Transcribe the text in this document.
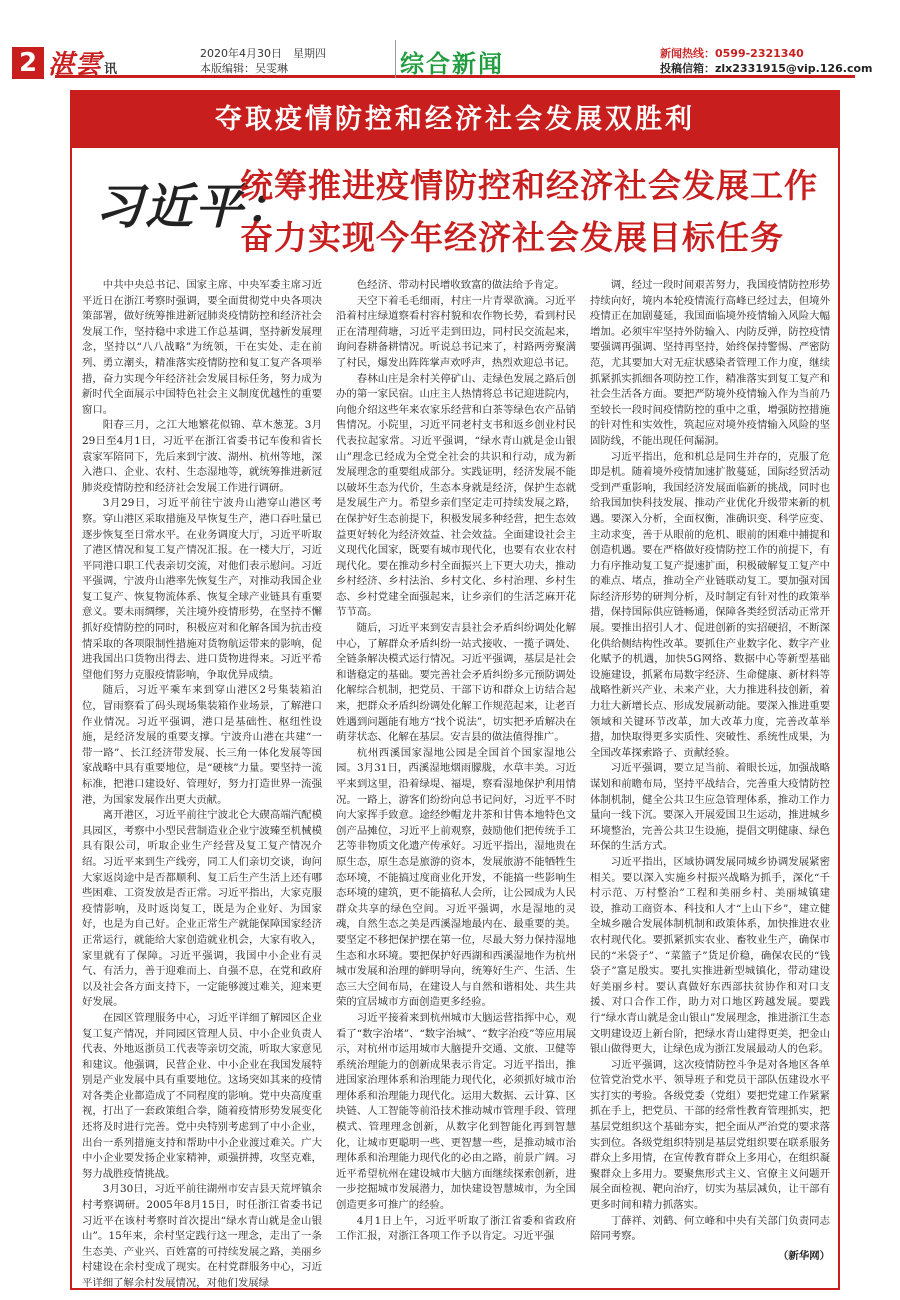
2 湛雲 讯
2020年4月30日　星期四
本版编辑：吴雯琳	综合新闻	新闻热线：0599-2321340
投稿信箱：zlx2331915@vip.126.com
夺取疫情防控和经济社会发展双胜利
习近平：
统筹推进疫情防控和经济社会发展工作
奋力实现今年经济社会发展目标任务

中共中央总书记、国家主席、中央军委主席习近平近日在浙江考察时强调，要全面贯彻党中央各项决策部署，做好统筹推进新冠肺炎疫情防控和经济社会发展工作，坚持稳中求进工作总基调，坚持新发展理念，坚持以“八八战略”为统领，干在实处、走在前列、勇立潮头，精准落实疫情防控和复工复产各项举措，奋力实现今年经济社会发展目标任务，努力成为新时代全面展示中国特色社会主义制度优越性的重要窗口。

阳春三月，之江大地繁花似锦、草木葱茏。3月29日至4月1日，习近平在浙江省委书记车俊和省长袁家军陪同下，先后来到宁波、湖州、杭州等地，深入港口、企业、农村、生态湿地等，就统筹推进新冠肺炎疫情防控和经济社会发展工作进行调研。

3月29日，习近平前往宁波舟山港穿山港区考察。穿山港区采取措施及早恢复生产，港口吞吐量已逐步恢复至日常水平。在业务调度大厅，习近平听取了港区情况和复工复产情况汇报。在一楼大厅，习近平同港口职工代表亲切交流，对他们表示慰问。习近平强调，宁波舟山港率先恢复生产，对推动我国企业复工复产、恢复物流体系、恢复全球产业链具有重要意义。要未雨绸缪，关注境外疫情形势，在坚持不懈抓好疫情防控的同时，积极应对和化解各国为抗击疫情采取的各项限制性措施对货物航运带来的影响，促进我国出口货物出得去、进口货物进得来。习近平希望他们努力克服疫情影响，争取优异成绩。

随后，习近平乘车来到穿山港区2号集装箱泊位，冒雨察看了码头现场集装箱作业场景，了解港口作业情况。习近平强调，港口是基础性、枢纽性设施，是经济发展的重要支撑。宁波舟山港在共建“一带一路”、长江经济带发展、长三角一体化发展等国家战略中具有重要地位，是“硬核”力量。要坚持一流标准，把港口建设好、管理好，努力打造世界一流强港，为国家发展作出更大贡献。

离开港区，习近平前往宁波北仑大碶高端汽配模具园区，考察中小型民营制造业企业宁波臻至机械模具有限公司，听取企业生产经营及复工复产情况介绍。习近平来到生产线旁，同工人们亲切交谈，询问大家返岗途中是否都顺利、复工后生产生活上还有哪些困难、工资发放是否正常。习近平指出，大家克服疫情影响，及时返岗复工，既是为企业好、为国家好，也是为自己好。企业正常生产就能保障国家经济正常运行，就能给大家创造就业机会，大家有收入，家里就有了保障。习近平强调，我国中小企业有灵气、有活力，善于迎难而上、自强不息，在党和政府以及社会各方面支持下，一定能够渡过难关，迎来更好发展。

在园区管理服务中心，习近平详细了解园区企业复工复产情况，并同园区管理人员、中小企业负责人代表、外地返浙员工代表等亲切交流，听取大家意见和建议。他强调，民营企业、中小企业在我国发展特别是产业发展中具有重要地位。这场突如其来的疫情对各类企业都造成了不同程度的影响。党中央高度重视，打出了一套政策组合拳，随着疫情形势发展变化还将及时进行完善。党中央特别考虑到了中小企业，出台一系列措施支持和帮助中小企业渡过难关。广大中小企业要发扬企业家精神，顽强拼搏，攻坚克难，努力战胜疫情挑战。

3月30日，习近平前往湖州市安吉县天荒坪镇余村考察调研。2005年8月15日，时任浙江省委书记习近平在该村考察时首次提出“绿水青山就是金山银山”。15年来，余村坚定践行这一理念，走出了一条生态美、产业兴、百姓富的可持续发展之路，美丽乡村建设在余村变成了现实。在村党群服务中心，习近平详细了解余村发展情况，对他们发展绿

色经济、带动村民增收致富的做法给予肯定。

天空下着毛毛细雨，村庄一片青翠欲滴。习近平沿着村庄绿道察看村容村貌和农作物长势，看到村民正在清理荷塘，习近平走到田边，同村民交流起来，询问春耕备耕情况。听说总书记来了，村路两旁聚满了村民，爆发出阵阵掌声欢呼声，热烈欢迎总书记。

春林山庄是余村关停矿山、走绿色发展之路后创办的第一家民宿。山庄主人热情将总书记迎进院内，向他介绍这些年来农家乐经营和白茶等绿色农产品销售情况。小院里，习近平同老村支书和返乡创业村民代表拉起家常。习近平强调，“绿水青山就是金山银山”理念已经成为全党全社会的共识和行动，成为新发展理念的重要组成部分。实践证明，经济发展不能以破坏生态为代价，生态本身就是经济，保护生态就是发展生产力。希望乡亲们坚定走可持续发展之路，在保护好生态前提下，积极发展多种经营，把生态效益更好转化为经济效益、社会效益。全面建设社会主义现代化国家，既要有城市现代化，也要有农业农村现代化。要在推动乡村全面振兴上下更大功夫，推动乡村经济、乡村法治、乡村文化、乡村治理、乡村生态、乡村党建全面强起来，让乡亲们的生活芝麻开花节节高。

随后，习近平来到安吉县社会矛盾纠纷调处化解中心，了解群众矛盾纠纷一站式接收、一揽子调处、全链条解决模式运行情况。习近平强调，基层是社会和谐稳定的基础。要完善社会矛盾纠纷多元预防调处化解综合机制，把党员、干部下访和群众上访结合起来，把群众矛盾纠纷调处化解工作规范起来，让老百姓遇到问题能有地方“找个说法”，切实把矛盾解决在萌芽状态、化解在基层。安吉县的做法值得推广。

杭州西溪国家湿地公园是全国首个国家湿地公园。3月31日，西溪湿地烟雨朦胧，水草丰美。习近平来到这里，沿着绿堤、福堤，察看湿地保护利用情况。一路上，游客们纷纷向总书记问好，习近平不时向大家挥手致意。途经纱帽龙井茶和甘售本地特色文创产品摊位，习近平上前观察，鼓励他们把传统手工艺等非物质文化遗产传承好。习近平指出，湿地贵在原生态，原生态是旅游的资本，发展旅游不能牺牲生态环境，不能搞过度商业化开发，不能搞一些影响生态环境的建筑，更不能搞私人会所，让公园成为人民群众共享的绿色空间。习近平强调，水是湿地的灵魂，自然生态之美是西溪湿地最内在、最重要的美。要坚定不移把保护摆在第一位，尽最大努力保持湿地生态和水环境。要把保护好西湖和西溪湿地作为杭州城市发展和治理的鲜明导向，统筹好生产、生活、生态三大空间布局，在建设人与自然和谐相处、共生共荣的宜居城市方面创造更多经验。

习近平接着来到杭州城市大脑运营指挥中心，观看了“数字治堵”、“数字治城”、“数字治疫”等应用展示，对杭州市运用城市大脑提升交通、文旅、卫健等系统治理能力的创新成果表示肯定。习近平指出，推进国家治理体系和治理能力现代化，必须抓好城市治理体系和治理能力现代化。运用大数据、云计算、区块链、人工智能等前沿技术推动城市管理手段、管理模式、管理理念创新，从数字化到智能化再到智慧化，让城市更聪明一些、更智慧一些，是推动城市治理体系和治理能力现代化的必由之路，前景广阔。习近平希望杭州在建设城市大脑方面继续探索创新，进一步挖掘城市发展潜力，加快建设智慧城市，为全国创造更多可推广的经验。

4月1日上午，习近平听取了浙江省委和省政府工作汇报，对浙江各项工作予以肯定。习近平强

调，经过一段时间艰苦努力，我国疫情防控形势持续向好，境内本轮疫情流行高峰已经过去，但境外疫情正在加剧蔓延，我国面临境外疫情输入风险大幅增加。必须牢牢坚持外防输入、内防反弹，防控疫情要强调再强调、坚持再坚持，始终保持警惕、严密防范，尤其要加大对无症状感染者管理工作力度，继续抓紧抓实抓细各项防控工作，精准落实到复工复产和社会生活各方面。要把严防境外疫情输入作为当前乃至较长一段时间疫情防控的重中之重，增强防控措施的针对性和实效性，筑起应对境外疫情输入风险的坚固防线，不能出现任何漏洞。

习近平指出，危和机总是同生并存的，克服了危即是机。随着境外疫情加速扩散蔓延，国际经贸活动受到严重影响，我国经济发展面临新的挑战，同时也给我国加快科技发展、推动产业优化升级带来新的机遇。要深入分析，全面权衡，准确识变、科学应变、主动求变，善于从眼前的危机、眼前的困难中捕捉和创造机遇。要在严格做好疫情防控工作的前提下，有力有序推动复工复产提速扩面，积极破解复工复产中的难点、堵点，推动全产业链联动复工。要加强对国际经济形势的研判分析，及时制定有针对性的政策举措，保持国际供应链畅通，保障各类经贸活动正常开展。要推出招引人才、促进创新的实招硬招，不断深化供给侧结构性改革。要抓住产业数字化、数字产业化赋予的机遇，加快5G网络、数据中心等新型基础设施建设，抓紧布局数字经济、生命健康、新材料等战略性新兴产业、未来产业，大力推进科技创新，着力壮大新增长点、形成发展新动能。要深入推进重要领域和关键环节改革，加大改革力度，完善改革举措，加快取得更多实质性、突破性、系统性成果，为全国改革探索路子、贡献经验。

习近平强调，要立足当前、着眼长远，加强战略谋划和前瞻布局，坚持平战结合，完善重大疫情防控体制机制，健全公共卫生应急管理体系，推动工作力量向一线下沉。要深入开展爱国卫生运动，推进城乡环境整治，完善公共卫生设施，提倡文明健康、绿色环保的生活方式。

习近平指出，区域协调发展同城乡协调发展紧密相关。要以深入实施乡村振兴战略为抓手，深化“千村示范、万村整治”工程和美丽乡村、美丽城镇建设，推动工商资本、科技和人才“上山下乡”，建立健全城乡融合发展体制机制和政策体系，加快推进农业农村现代化。要抓紧抓实农业、畜牧业生产，确保市民的“米袋子”、“菜篮子”货足价稳，确保农民的“钱袋子”富足殷实。要扎实推进新型城镇化，带动建设好美丽乡村。要认真做好东西部扶贫协作和对口支援、对口合作工作，助力对口地区跨越发展。要践行“绿水青山就是金山银山”发展理念，推进浙江生态文明建设迈上新台阶，把绿水青山建得更美，把金山银山做得更大，让绿色成为浙江发展最动人的色彩。

习近平强调，这次疫情防控斗争是对各地区各单位管党治党水平、领导班子和党员干部队伍建设水平实打实的考验。各级党委（党组）要把党建工作紧紧抓在手上，把党员、干部的经常性教育管理抓实，把基层党组织这个基础夯实，把全面从严治党的要求落实到位。各级党组织特别是基层党组织要在联系服务群众上多用情，在宣传教育群众上多用心，在组织凝聚群众上多用力。要聚焦形式主义、官僚主义问题开展全面检视、靶向治疗，切实为基层减负，让干部有更多时间和精力抓落实。

丁薛祥、刘鹤、何立峰和中央有关部门负责同志陪同考察。

（新华网）
